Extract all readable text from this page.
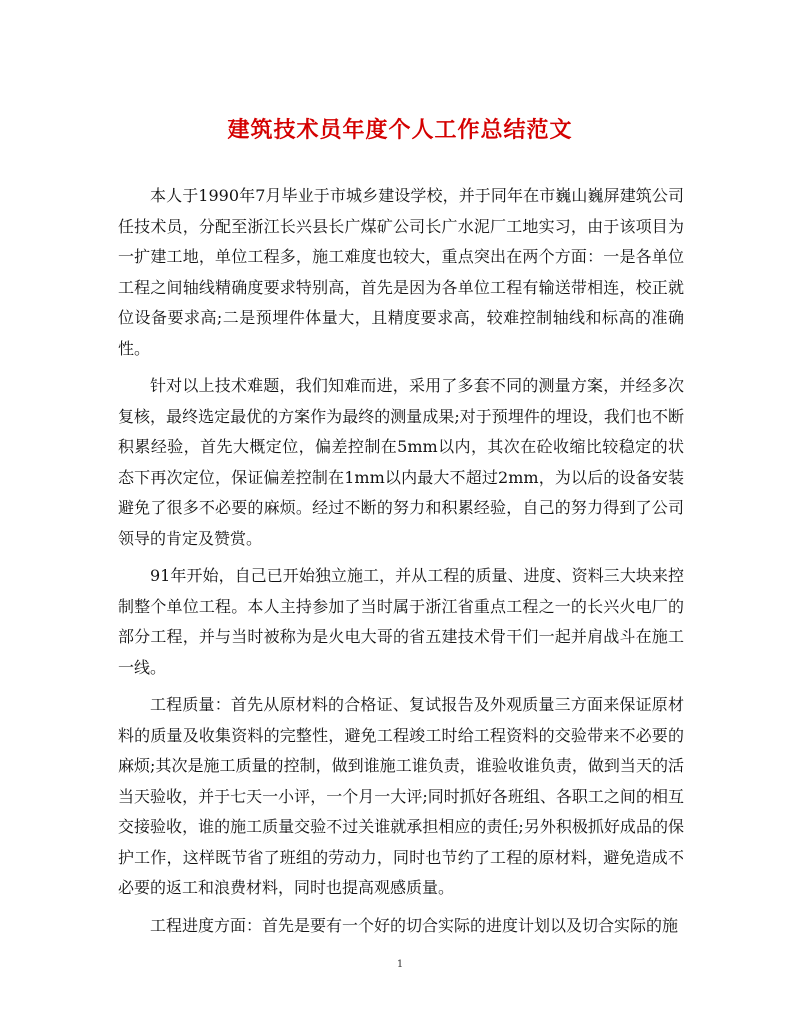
建筑技术员年度个人工作总结范文

本人于1990年7月毕业于市城乡建设学校，并于同年在市巍山巍屏建筑公司任技术员，分配至浙江长兴县长广煤矿公司长广水泥厂工地实习，由于该项目为一扩建工地，单位工程多，施工难度也较大，重点突出在两个方面：一是各单位工程之间轴线精确度要求特别高，首先是因为各单位工程有输送带相连，校正就位设备要求高;二是预埋件体量大，且精度要求高，较难控制轴线和标高的准确性。

针对以上技术难题，我们知难而进，采用了多套不同的测量方案，并经多次复核，最终选定最优的方案作为最终的测量成果;对于预埋件的埋设，我们也不断积累经验，首先大概定位，偏差控制在5mm以内，其次在砼收缩比较稳定的状态下再次定位，保证偏差控制在1mm以内最大不超过2mm，为以后的设备安装避免了很多不必要的麻烦。经过不断的努力和积累经验，自己的努力得到了公司领导的肯定及赞赏。

91年开始，自己已开始独立施工，并从工程的质量、进度、资料三大块来控制整个单位工程。本人主持参加了当时属于浙江省重点工程之一的长兴火电厂的部分工程，并与当时被称为是火电大哥的省五建技术骨干们一起并肩战斗在施工一线。

工程质量：首先从原材料的合格证、复试报告及外观质量三方面来保证原材料的质量及收集资料的完整性，避免工程竣工时给工程资料的交验带来不必要的麻烦;其次是施工质量的控制，做到谁施工谁负责，谁验收谁负责，做到当天的活当天验收，并于七天一小评，一个月一大评;同时抓好各班组、各职工之间的相互交接验收，谁的施工质量交验不过关谁就承担相应的责任;另外积极抓好成品的保护工作，这样既节省了班组的劳动力，同时也节约了工程的原材料，避免造成不必要的返工和浪费材料，同时也提高观感质量。

工程进度方面：首先是要有一个好的切合实际的进度计划以及切合实际的施

1
